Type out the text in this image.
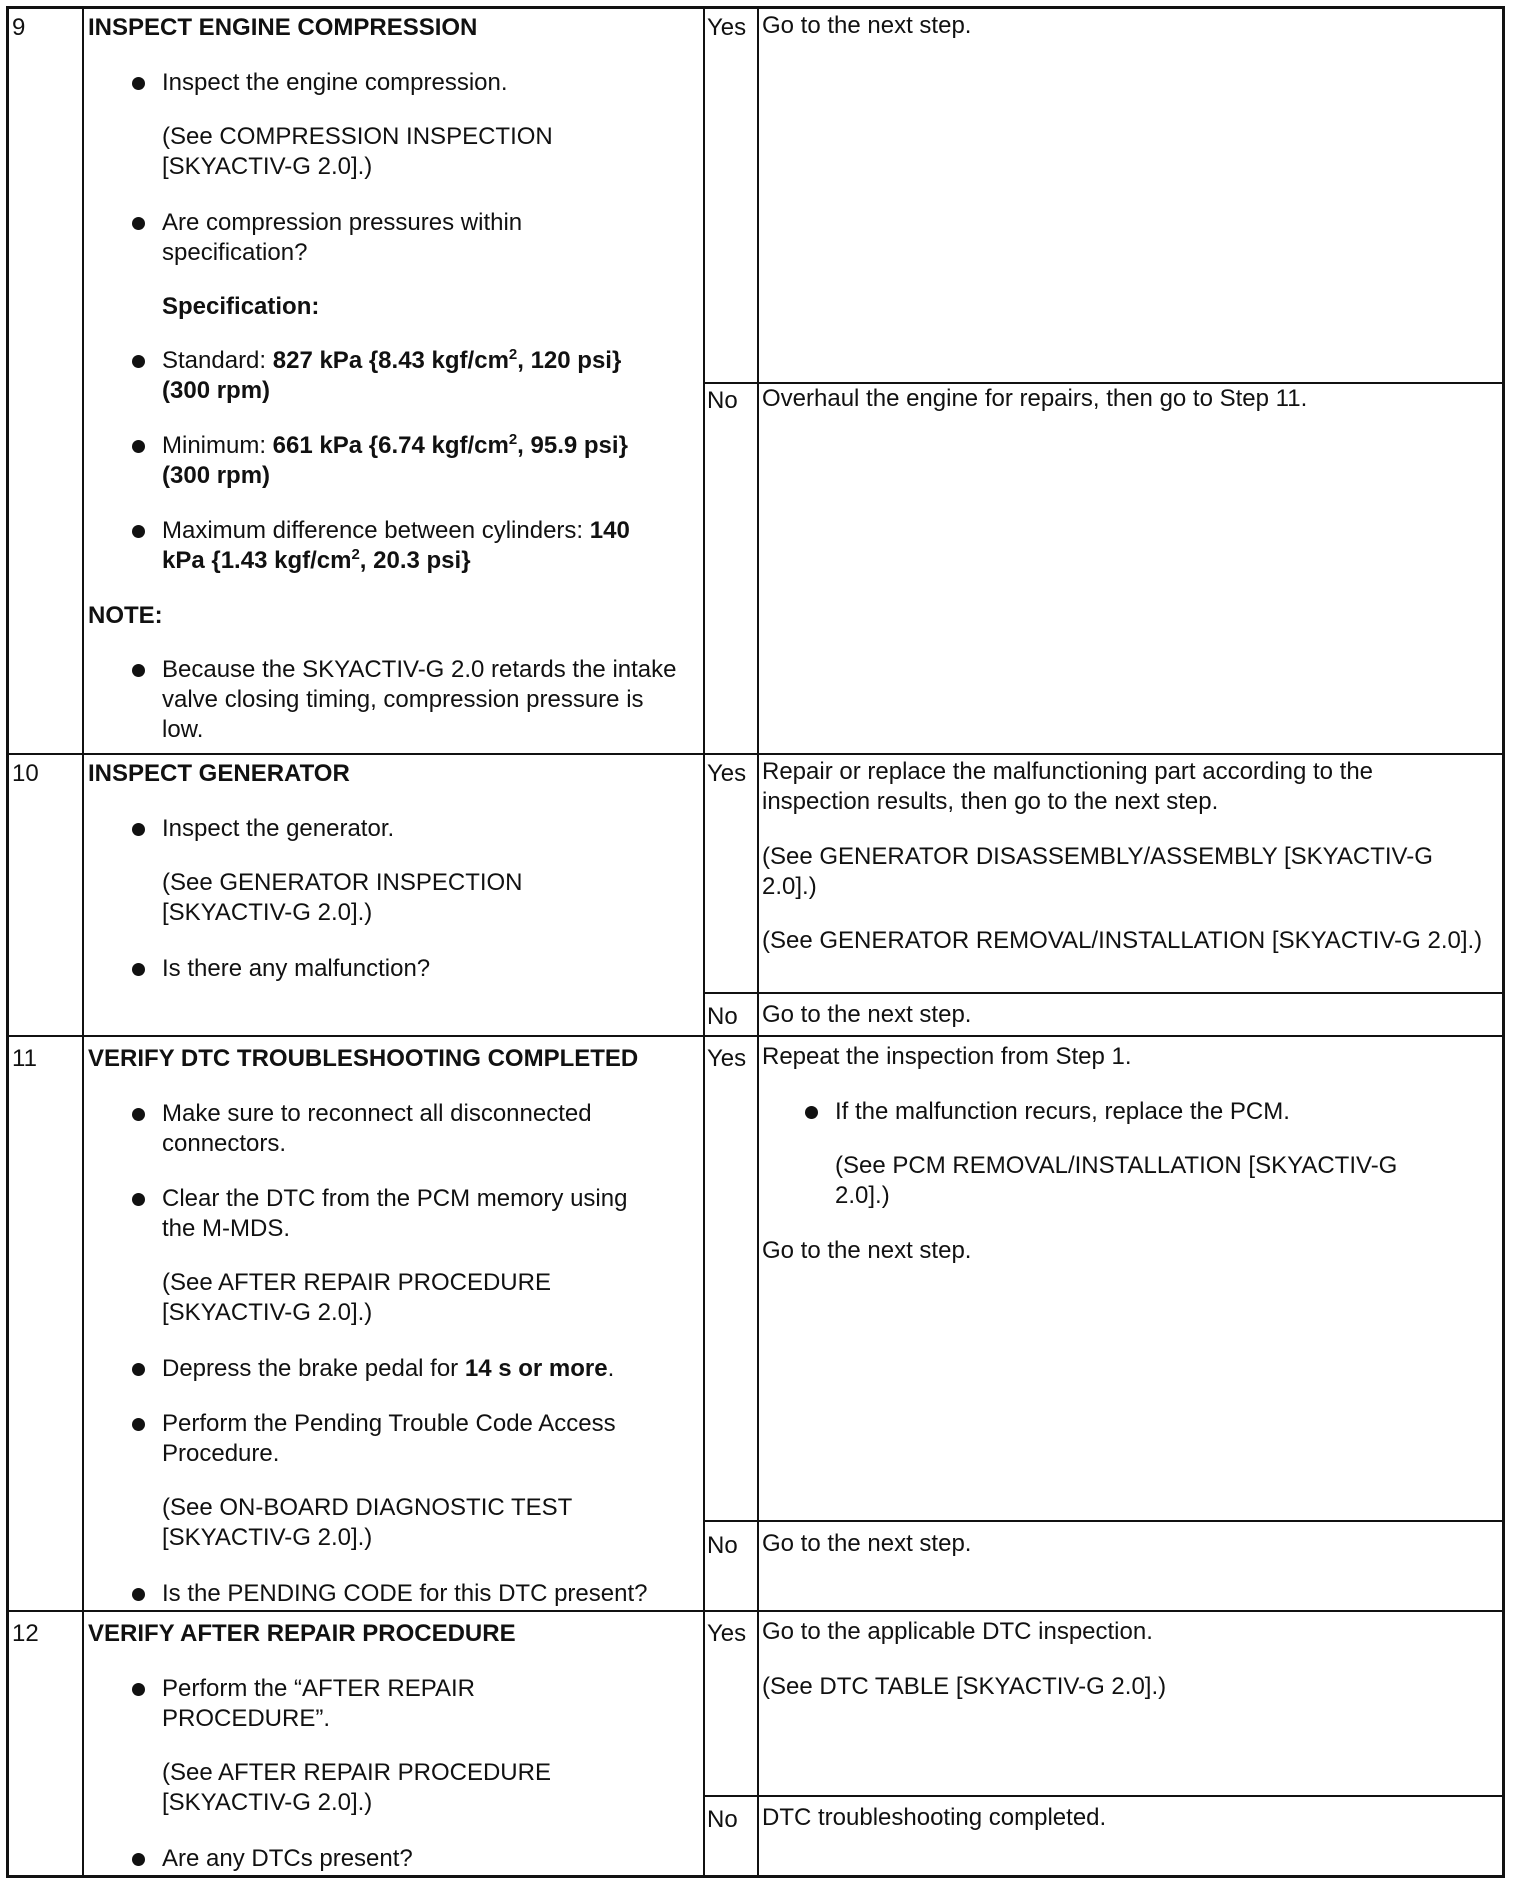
9	INSPECT ENGINE COMPRESSION
Inspect the engine compression.
(See COMPRESSION INSPECTION [SKYACTIV-G 2.0].)
Are compression pressures within specification?
Specification:
Standard: 827 kPa {8.43 kgf/$cm^2$, 120 psi} (300 rpm)
Minimum: 661 kPa {6.74 kgf/$cm^2$, 95.9 psi} (300 rpm)
Maximum difference between cylinders: 140 kPa {1.43 kgf/$cm^2$, 20.3 psi}
NOTE:
Because the SKYACTIV-G 2.0 retards the intake valve closing timing, compression pressure is low.
Yes Go to the next step.
No Overhaul the engine for repairs, then go to Step 11.
10 INSPECT GENERATOR
Inspect the generator.
(See GENERATOR INSPECTION [SKYACTIV-G 2.0].)
Is there any malfunction?
Yes Repair or replace the malfunctioning part according to the inspection results, then go to the next step.
(See GENERATOR DISASSEMBLY/ASSEMBLY [SKYACTIV-G 2.0].)
(See GENERATOR REMOVAL/INSTALLATION [SKYACTIV-G 2.0].)
No Go to the next step.
11 VERIFY DTC TROUBLESHOOTING COMPLETED
Make sure to reconnect all disconnected connectors.
Clear the DTC from the PCM memory using the M-MDS.
(See AFTER REPAIR PROCEDURE [SKYACTIV-G 2.0].)
Depress the brake pedal for 14 s or more.
Perform the Pending Trouble Code Access Procedure.
(See ON-BOARD DIAGNOSTIC TEST [SKYACTIV-G 2.0].)
Is the PENDING CODE for this DTC present?
Yes Repeat the inspection from Step 1.
If the malfunction recurs, replace the PCM.
(See PCM REMOVAL/INSTALLATION [SKYACTIV-G 2.0].)
Go to the next step.
No Go to the next step.
12 VERIFY AFTER REPAIR PROCEDURE
Perform the “AFTER REPAIR PROCEDURE”.
(See AFTER REPAIR PROCEDURE [SKYACTIV-G 2.0].)
Are any DTCs present?
Yes Go to the applicable DTC inspection.
(See DTC TABLE [SKYACTIV-G 2.0].)
No DTC troubleshooting completed.
